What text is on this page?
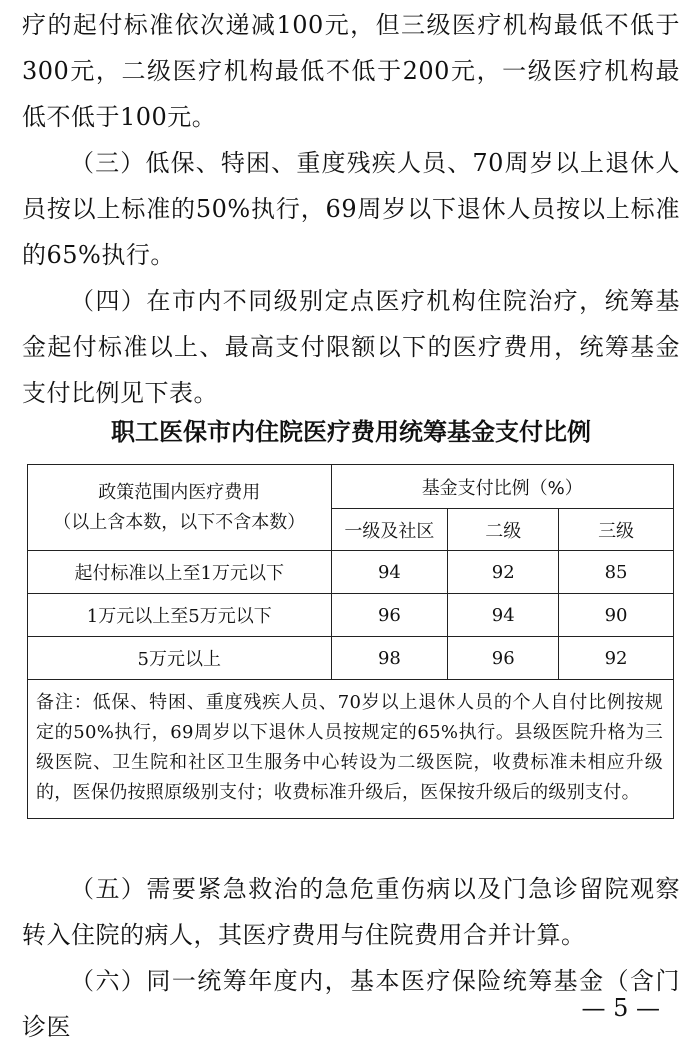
疗的起付标准依次递减100元，但三级医疗机构最低不低于300元，二级医疗机构最低不低于200元，一级医疗机构最低不低于100元。

（三）低保、特困、重度残疾人员、70周岁以上退休人员按以上标准的50%执行，69周岁以下退休人员按以上标准的65%执行。

（四）在市内不同级别定点医疗机构住院治疗，统筹基金起付标准以上、最高支付限额以下的医疗费用，统筹基金支付比例见下表。

职工医保市内住院医疗费用统筹基金支付比例
政策范围内医疗费用
（以上含本数，以下不含本数）	基金支付比例（%）		
	一级及社区	二级	三级
起付标准以上至1万元以下	94	92	85
1万元以上至5万元以下	96	94	90
5万元以上	98	96	92
备注：低保、特困、重度残疾人员、70岁以上退休人员的个人自付比例按规定的50%执行，69周岁以下退休人员按规定的65%执行。县级医院升格为三级医院、卫生院和社区卫生服务中心转设为二级医院，收费标准未相应升级的，医保仍按照原级别支付；收费标准升级后，医保按升级后的级别支付。			

（五）需要紧急救治的急危重伤病以及门急诊留院观察转入住院的病人，其医疗费用与住院费用合并计算。

（六）同一统筹年度内，基本医疗保险统筹基金（含门诊医

— 5 —
